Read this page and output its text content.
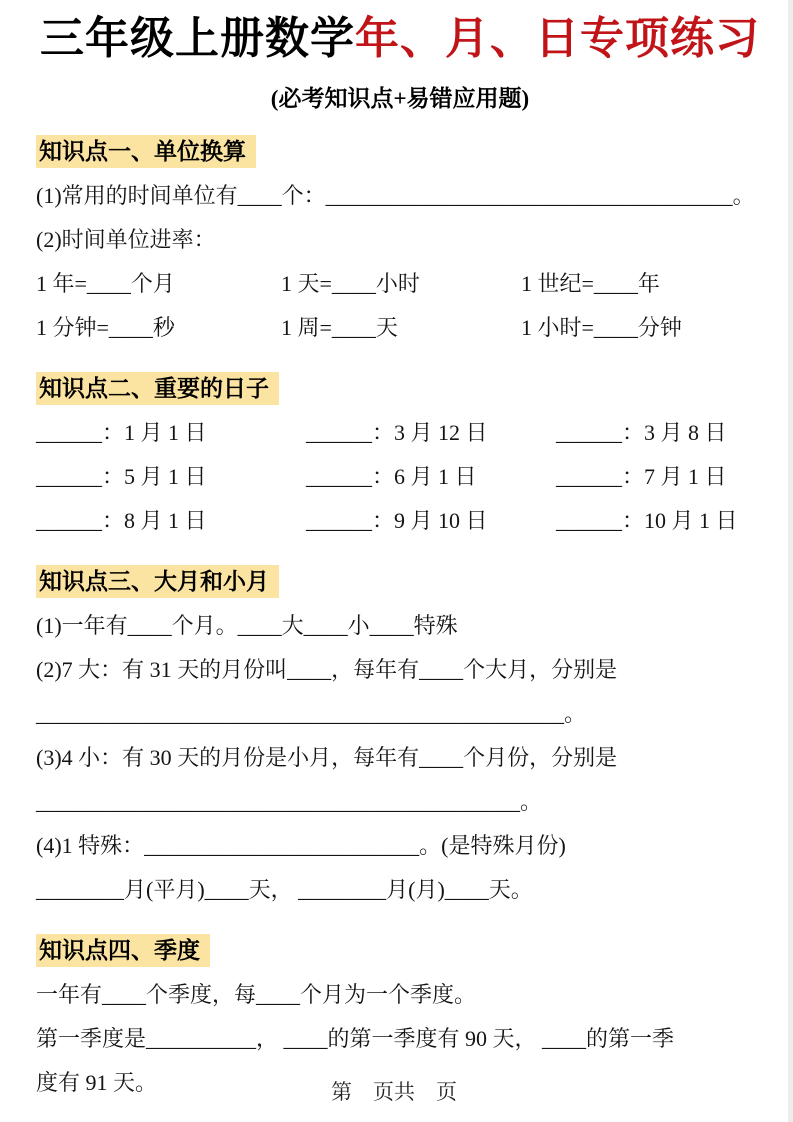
三年级上册数学年、月、日专项练习
(必考知识点+易错应用题)
知识点一、单位换算
(1)常用的时间单位有____个：_____________________________________。
(2)时间单位进率：
1 年=____个月	1 天=____小时	1 世纪=____年
1 分钟=____秒	1 周=____天	1 小时=____分钟
知识点二、重要的日子
______：1 月 1 日	______：3 月 12 日	______：3 月 8 日
______：5 月 1 日	______：6 月 1 日	______：7 月 1 日
______：8 月 1 日	______：9 月 10 日	______：10 月 1 日
知识点三、大月和小月
(1)一年有____个月。____大____小____特殊
(2)7 大：有 31 天的月份叫____，每年有____个大月，分别是
________________________________________________。
(3)4 小：有 30 天的月份是小月，每年有____个月份，分别是
____________________________________________。
(4)1 特殊：_________________________。(是特殊月份)
________月(平月)____天， ________月(月)____天。
知识点四、季度
一年有____个季度，每____个月为一个季度。
第一季度是__________， ____的第一季度有 90 天， ____的第一季
度有 91 天。	第　页共　页
